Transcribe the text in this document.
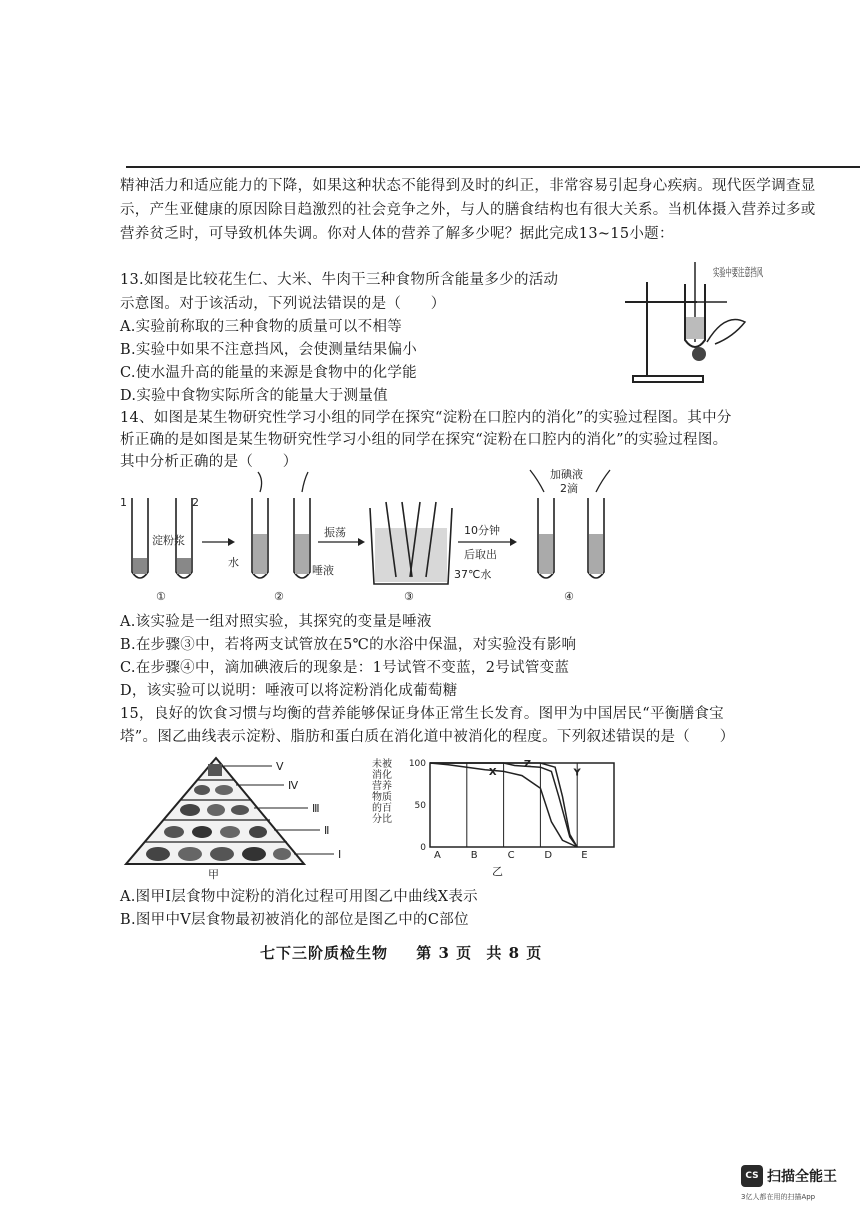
精神活力和适应能力的下降，如果这种状态不能得到及时的纠正，非常容易引起身心疾病。现代医学调查显示，产生亚健康的原因除目趋激烈的社会竞争之外，与人的膳食结构也有很大关系。当机体摄入营养过多或营养贫乏时，可导致机体失调。你对人体的营养了解多少呢？据此完成13~15小题：

13.如图是比较花生仁、大米、牛肉干三种食物所含能量多少的活动
示意图。对于该活动，下列说法错误的是（　　）
A.实验前称取的三种食物的质量可以不相等
B.实验中如果不注意挡风，会使测量结果偏小
C.使水温升高的能量的来源是食物中的化学能
D.实验中食物实际所含的能量大于测量值
实验中要注意挡风
14、如图是某生物研究性学习小组的同学在探究“淀粉在口腔内的消化”的实验过程图。其中分
析正确的是如图是某生物研究性学习小组的同学在探究“淀粉在口腔内的消化”的实验过程图。
其中分析正确的是（　　）
1	2
淀粉浆
①
水
唾液
②
振荡
③
37℃水
10分钟
后取出
加碘液
2滴
④
A.该实验是一组对照实验，其探究的变量是唾液
B.在步骤③中，若将两支试管放在5℃的水浴中保温，对实验没有影响
C.在步骤④中，滴加碘液后的现象是：1号试管不变蓝，2号试管变蓝
D，该实验可以说明：唾液可以将淀粉消化成葡萄糖
15，良好的饮食习惯与均衡的营养能够保证身体正常生长发育。图甲为中国居民“平衡膳食宝
塔”。图乙曲线表示淀粉、脂肪和蛋白质在消化道中被消化的程度。下列叙述错误的是（　　）
V
Ⅳ
Ⅲ
Ⅱ
Ⅰ
甲
100
50
0
A	B	C	D	E
未被消化营养物质的百分比
X
Z
Y
乙
A.图甲Ⅰ层食物中淀粉的消化过程可用图乙中曲线X表示
B.图甲中Ⅴ层食物最初被消化的部位是图乙中的C部位
七下三阶质检生物 第 3 页 共 8 页
CS 扫描全能王
3亿人都在用的扫描App
